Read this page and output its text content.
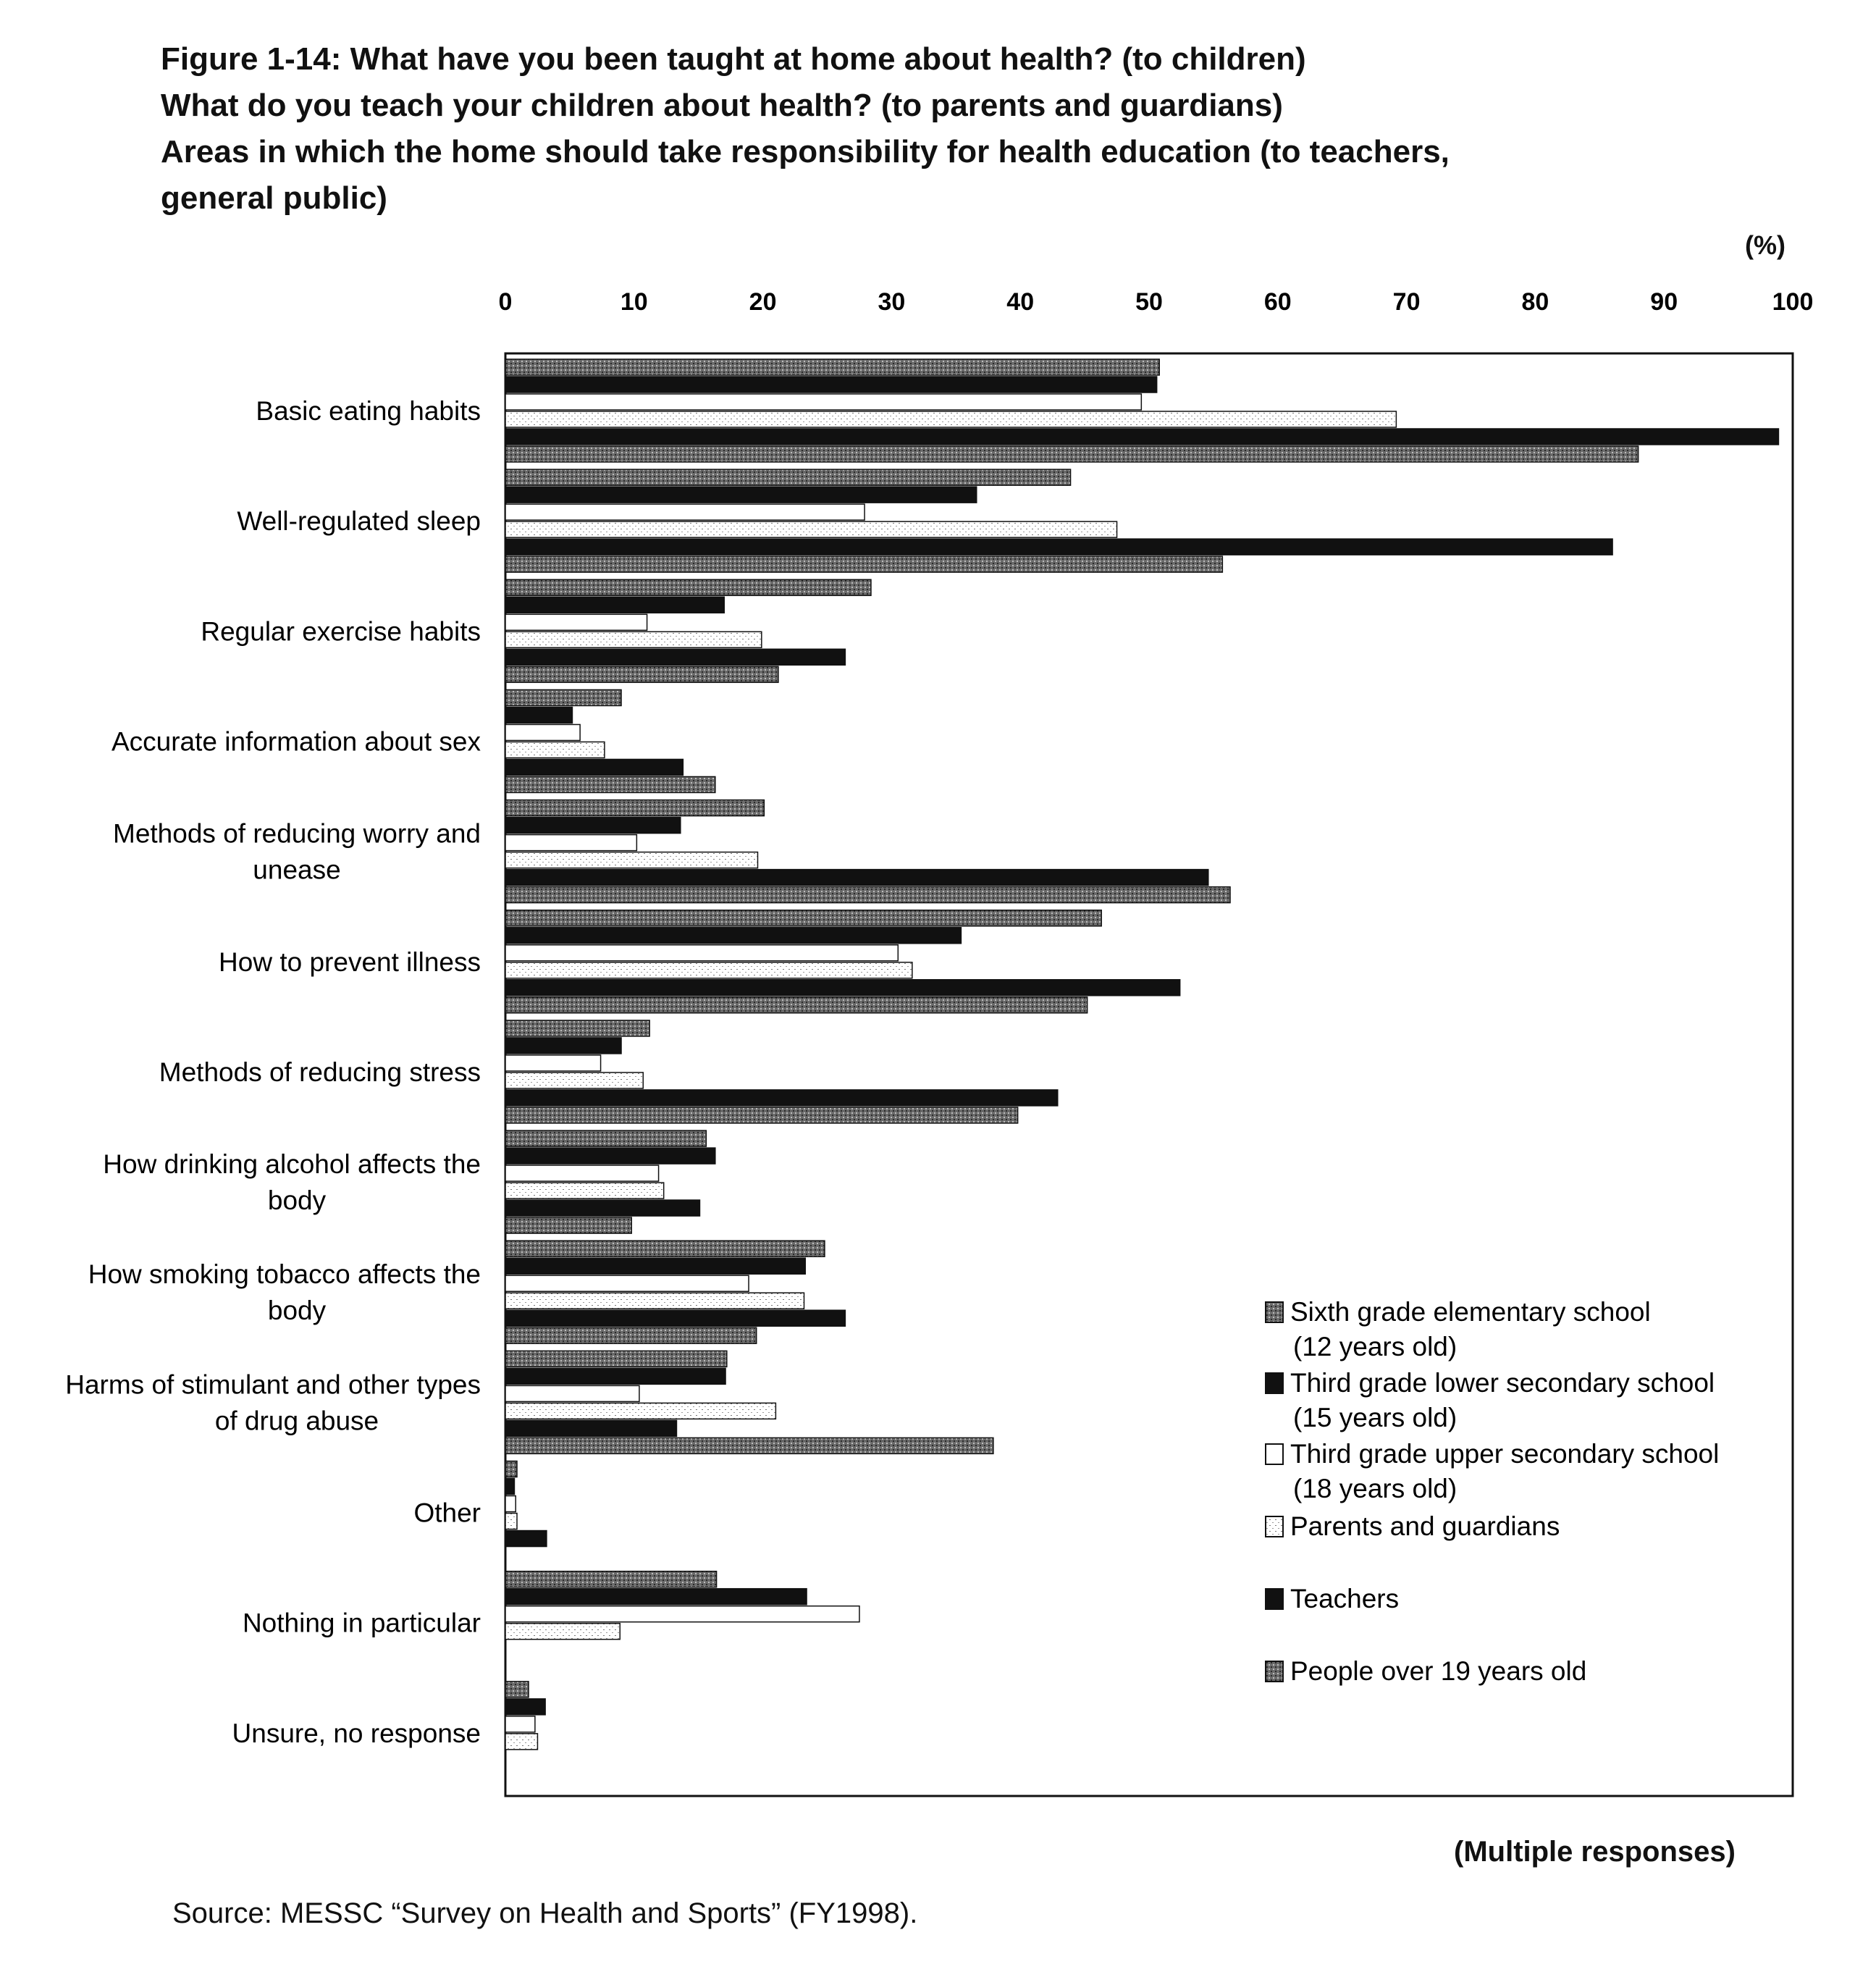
Figure 1-14: What have you been taught at home about health? (to children)
What do you teach your children about health? (to parents and guardians)
Areas in which the home should take responsibility for health education (to teachers,
general public)
(%)
0	10	20	30	40	50	60	70	80	90	100
Basic eating habits
Well-regulated sleep
Regular exercise habits
Accurate information about sex
Methods of reducing worry and
unease
How to prevent illness
Methods of reducing stress
How drinking alcohol affects the
body
How smoking tobacco affects the
body
Harms of stimulant and other types
of drug abuse
Other
Nothing in particular
Unsure, no response
Sixth grade elementary school
(12 years old)
Third grade lower secondary school
(15 years old)
Third grade upper secondary school
(18 years old)
Parents and guardians
Teachers
People over 19 years old
(Multiple responses)
Source: MESSC “Survey on Health and Sports” (FY1998).
